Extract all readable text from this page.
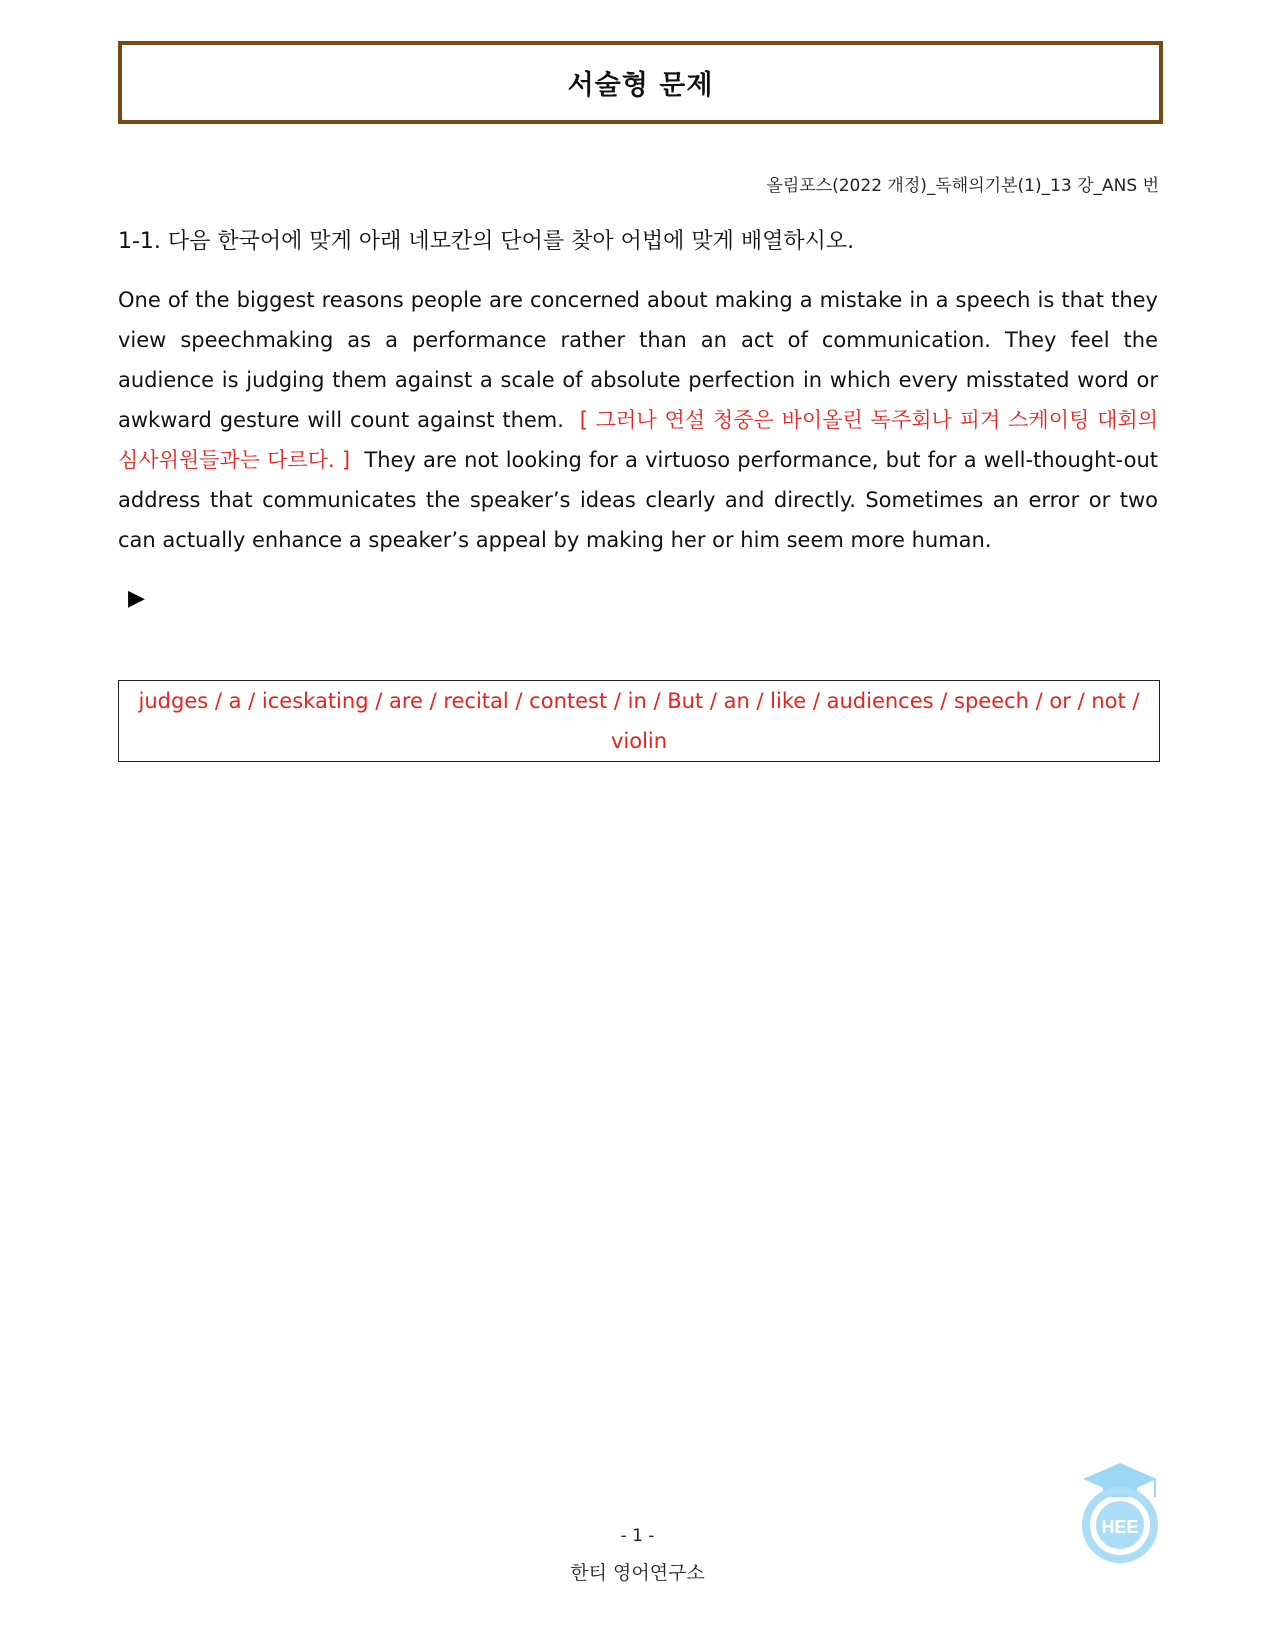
서술형 문제
올림포스(2022 개정)_독해의기본(1)_13 강_ANS 번
1-1. 다음 한국어에 맞게 아래 네모칸의 단어를 찾아 어법에 맞게 배열하시오.
One of the biggest reasons people are concerned about making a mistake in a speech is that they view speechmaking as a performance rather than an act of communication. They feel the audience is judging them against a scale of absolute perfection in which every misstated word or awkward gesture will count against them. [ 그러나 연설 청중은 바이올린 독주회나 피겨 스케이팅 대회의 심사위원들과는 다르다. ] They are not looking for a virtuoso performance, but for a well-thought-out address that communicates the speaker’s ideas clearly and directly. Sometimes an error or two can actually enhance a speaker’s appeal by making her or him seem more human.
▶
judges / a / iceskating / are / recital / contest / in / But / an / like / audiences / speech / or / not / violin
- 1 -
한티 영어연구소
HEE
